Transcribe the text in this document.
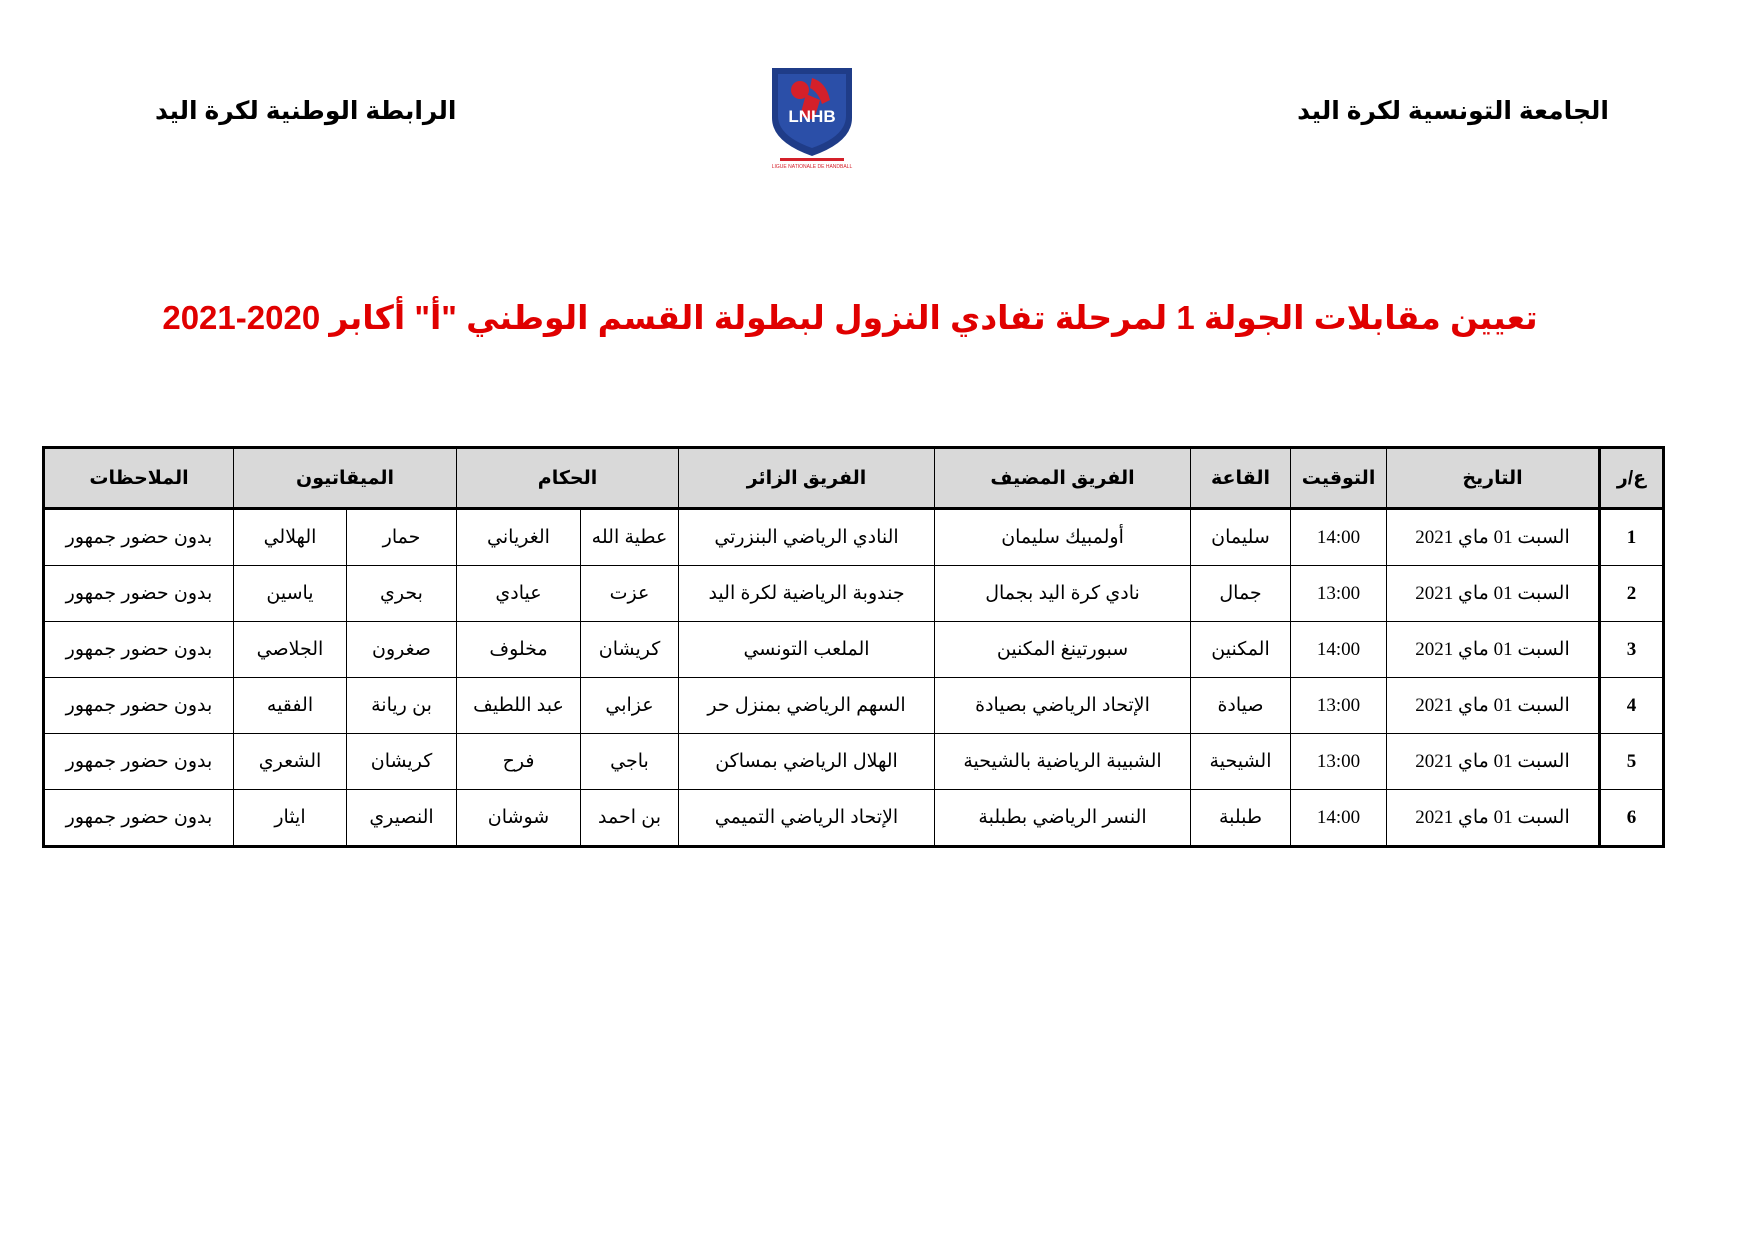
الجامعة التونسية لكرة اليد
LNHB
LIGUE NATIONALE DE HANDBALL
الرابطة الوطنية لكرة اليد
تعيين مقابلات الجولة 1 لمرحلة تفادي النزول لبطولة القسم الوطني "أ" أكابر 2020-2021
ع/ر	التاريخ	التوقيت	القاعة	الفريق المضيف	الفريق الزائر	الحكام		الميقاتيون		الملاحظات
1	السبت 01 ماي 2021	14:00	سليمان	أولمبيك سليمان	النادي الرياضي البنزرتي	عطية الله	الغرياني	حمار	الهلالي	بدون حضور جمهور
2	السبت 01 ماي 2021	13:00	جمال	نادي كرة اليد بجمال	جندوبة الرياضية لكرة اليد	عزت	عيادي	بحري	ياسين	بدون حضور جمهور
3	السبت 01 ماي 2021	14:00	المكنين	سبورتينغ المكنين	الملعب التونسي	كريشان	مخلوف	صغرون	الجلاصي	بدون حضور جمهور
4	السبت 01 ماي 2021	13:00	صيادة	الإتحاد الرياضي بصيادة	السهم الرياضي بمنزل حر	عزابي	عبد اللطيف	بن ريانة	الفقيه	بدون حضور جمهور
5	السبت 01 ماي 2021	13:00	الشيحية	الشبيبة الرياضية بالشيحية	الهلال الرياضي بمساكن	باجي	فرح	كريشان	الشعري	بدون حضور جمهور
6	السبت 01 ماي 2021	14:00	طبلبة	النسر الرياضي بطبلبة	الإتحاد الرياضي التميمي	بن احمد	شوشان	النصيري	ايثار	بدون حضور جمهور
